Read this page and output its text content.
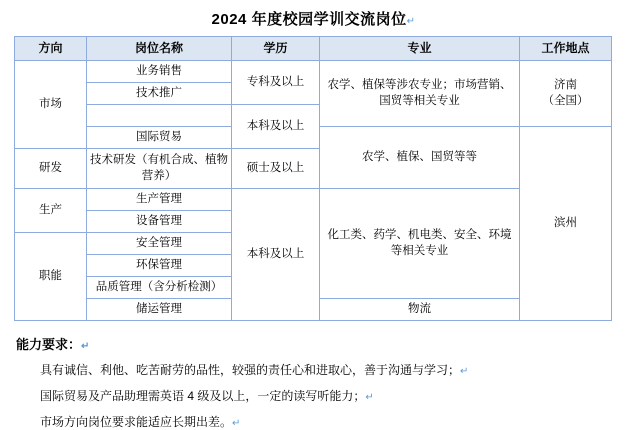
2024 年度校园学训交流岗位↵
方向	岗位名称	学历	专业	工作地点
市场	业务销售	专科及以上	农学、植保等涉农专业；市场营销、国贸等相关专业	济南
（全国）
	技术推广			
		本科及以上		
	国际贸易		农学、植保、国贸等等	滨州
研发	技术研发（有机合成、植物营养）	硕士及以上		
生产	生产管理	本科及以上	化工类、药学、机电类、安全、环境等相关专业	
	设备管理			
职能	安全管理			
	环保管理			
	品质管理（含分析检测）			
	储运管理		物流	
能力要求：↵
具有诚信、利他、吃苦耐劳的品性，较强的责任心和进取心，善于沟通与学习；↵
国际贸易及产品助理需英语 4 级及以上，一定的读写听能力；↵
市场方向岗位要求能适应长期出差。↵
